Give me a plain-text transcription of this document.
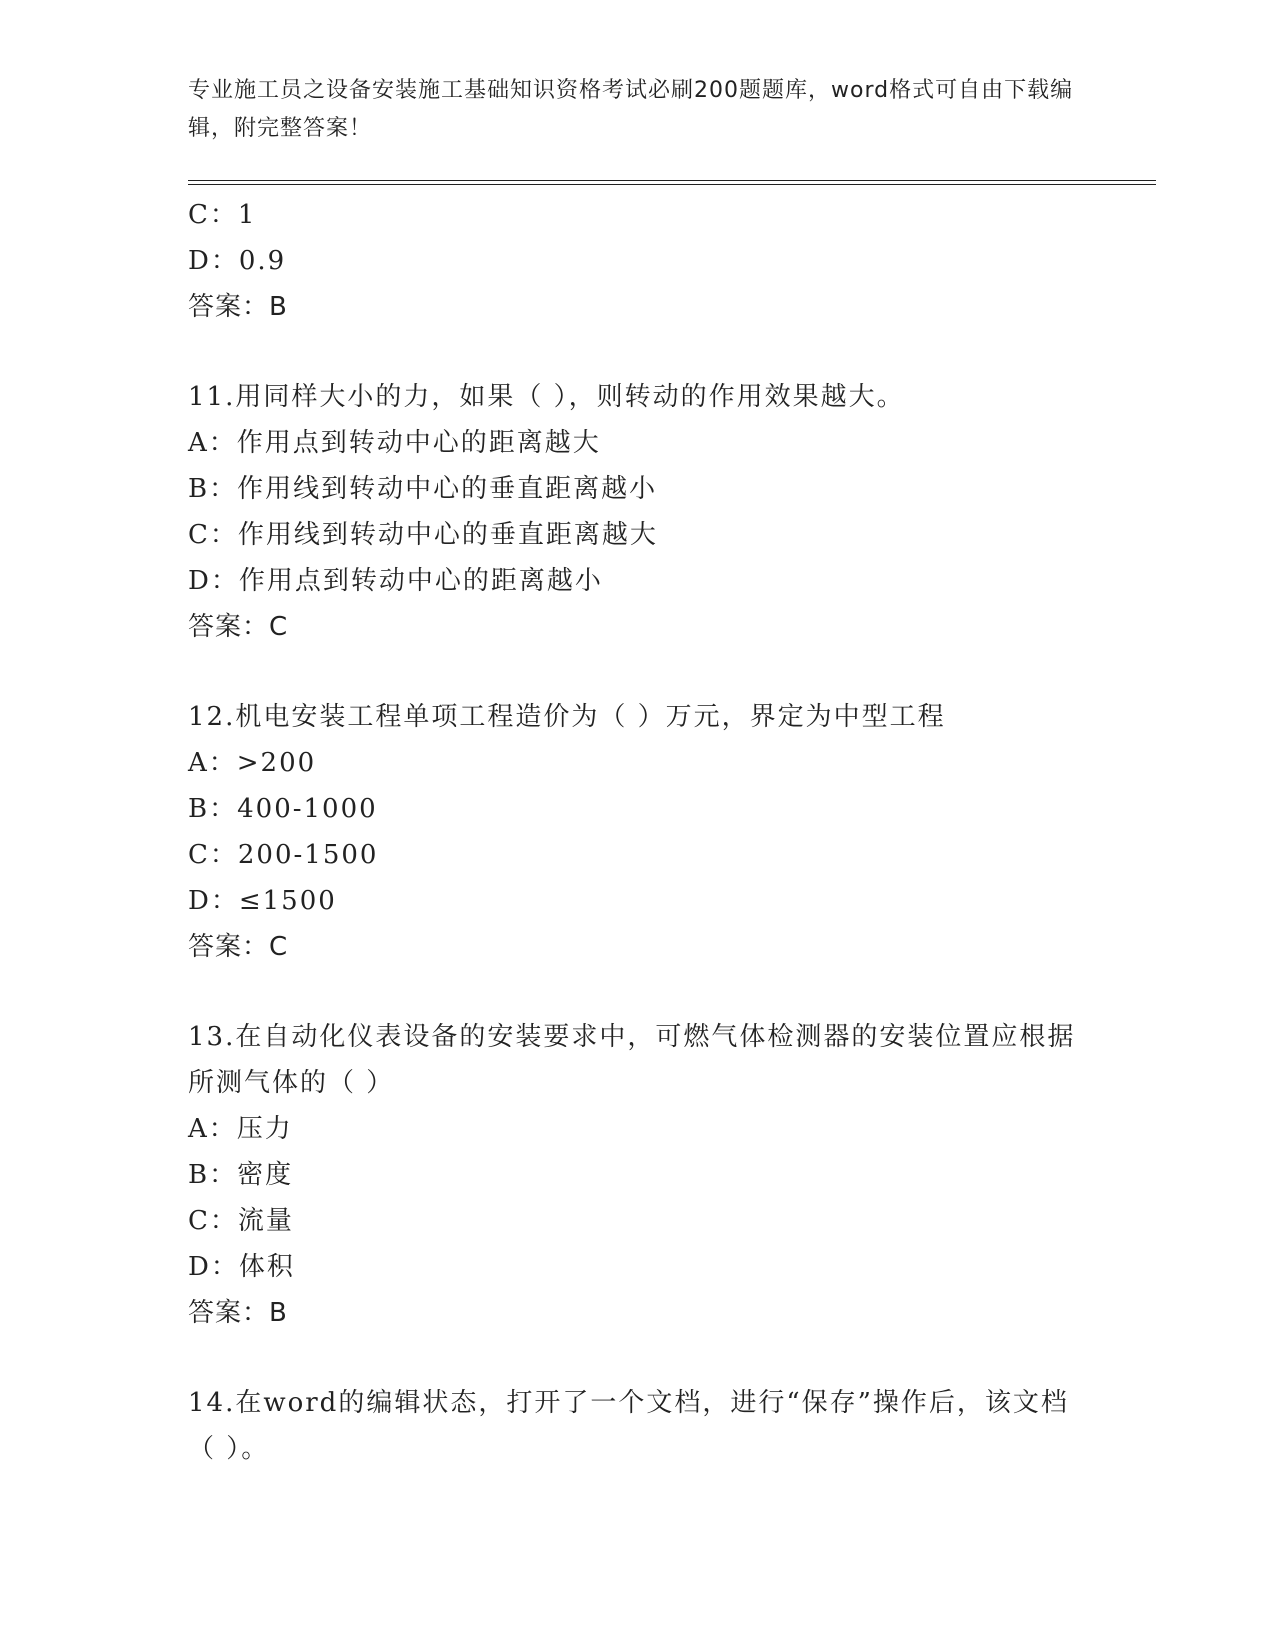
专业施工员之设备安装施工基础知识资格考试必刷200题题库，word格式可自由下载编辑，附完整答案！
C：1
D：0.9
答案：B
11.用同样大小的力，如果（ ），则转动的作用效果越大。
A：作用点到转动中心的距离越大
B：作用线到转动中心的垂直距离越小
C：作用线到转动中心的垂直距离越大
D：作用点到转动中心的距离越小
答案：C
12.机电安装工程单项工程造价为（ ）万元，界定为中型工程
A：>200
B：400-1000
C：200-1500
D：≤1500
答案：C
13.在自动化仪表设备的安装要求中，可燃气体检测器的安装位置应根据所测气体的（ ）
A：压力
B：密度
C：流量
D：体积
答案：B
14.在word的编辑状态，打开了一个文档，进行“保存”操作后，该文档（ ）。
